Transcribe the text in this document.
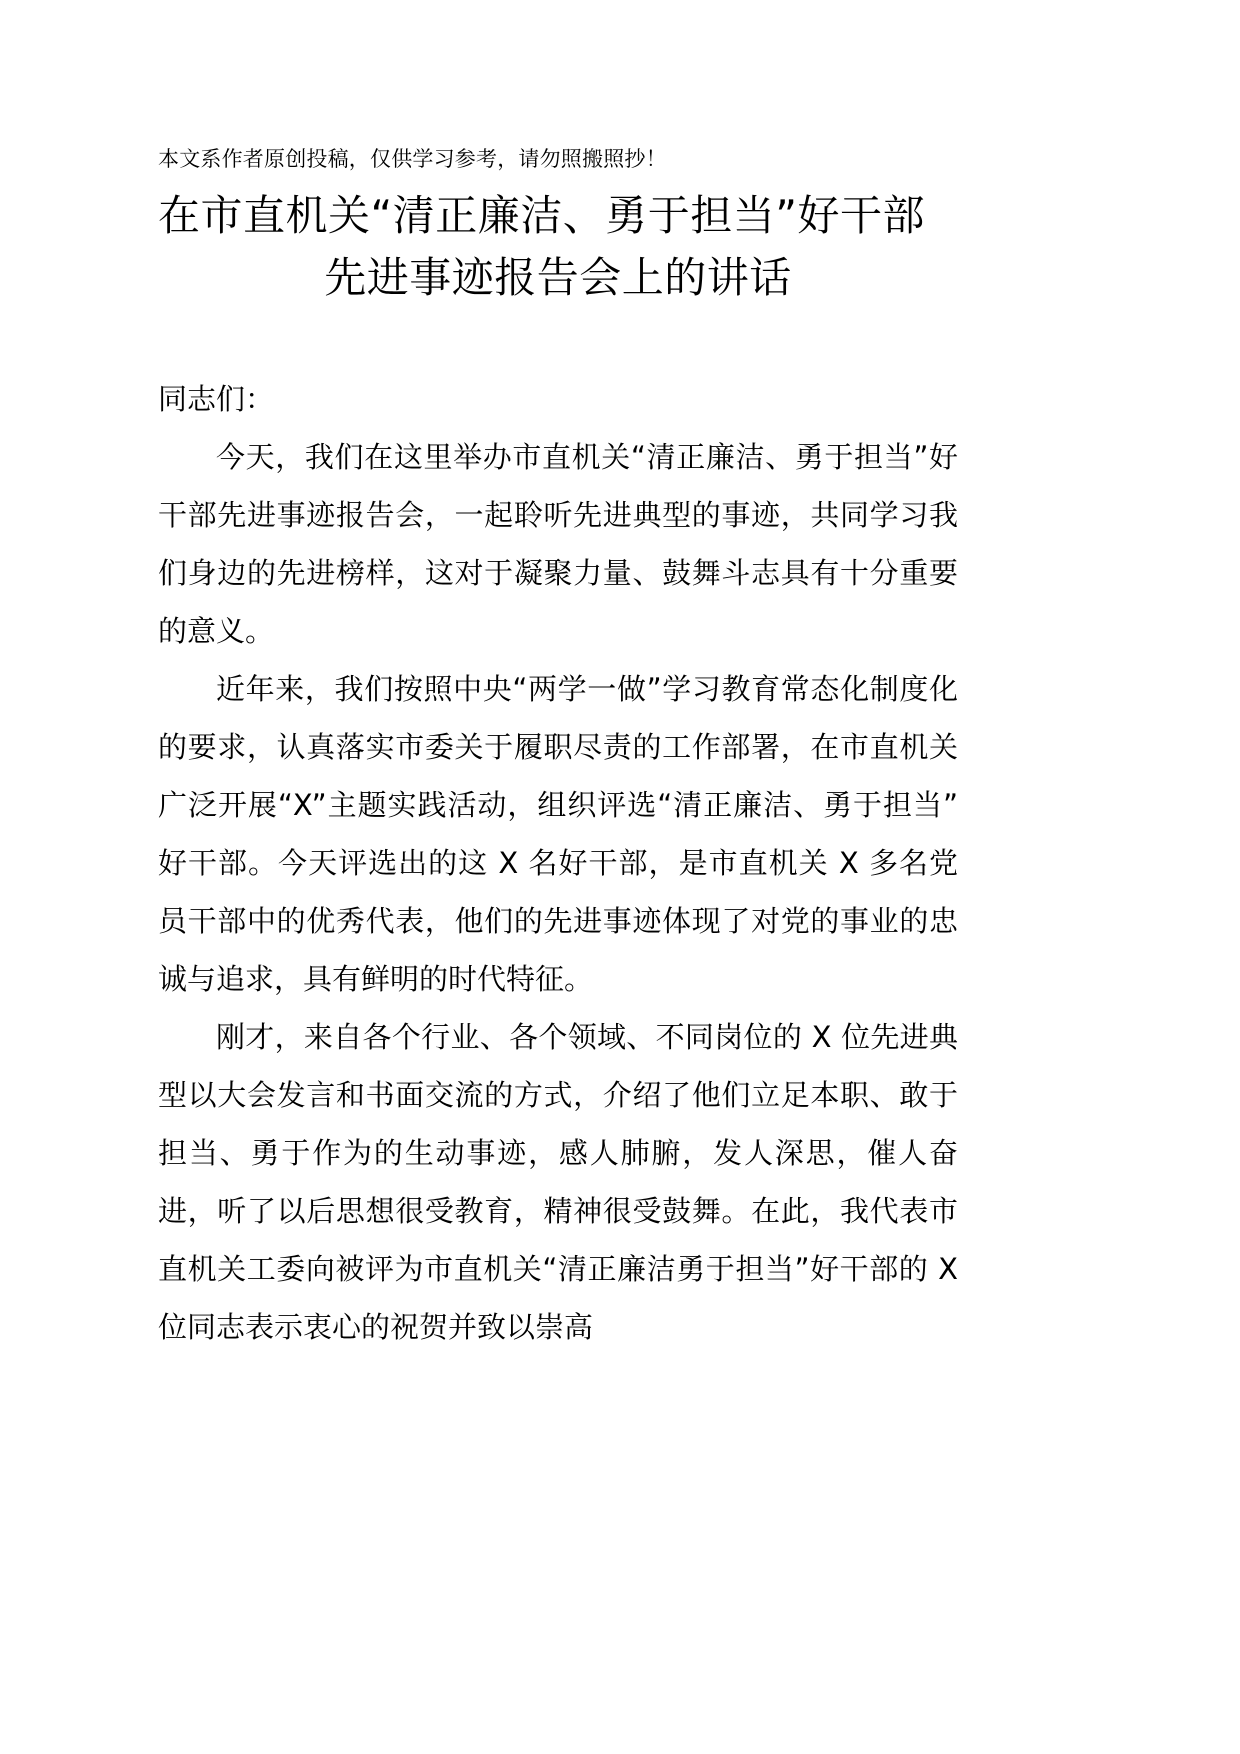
本文系作者原创投稿，仅供学习参考，请勿照搬照抄！
在市直机关“清正廉洁、勇于担当”好干部
先进事迹报告会上的讲话

同志们：

今天，我们在这里举办市直机关“清正廉洁、勇于担当”好干部先进事迹报告会，一起聆听先进典型的事迹，共同学习我们身边的先进榜样，这对于凝聚力量、鼓舞斗志具有十分重要的意义。

近年来，我们按照中央“两学一做”学习教育常态化制度化的要求，认真落实市委关于履职尽责的工作部署，在市直机关广泛开展“X”主题实践活动，组织评选“清正廉洁、勇于担当”好干部。今天评选出的这 X 名好干部，是市直机关 X 多名党员干部中的优秀代表，他们的先进事迹体现了对党的事业的忠诚与追求，具有鲜明的时代特征。

刚才，来自各个行业、各个领域、不同岗位的 X 位先进典型以大会发言和书面交流的方式，介绍了他们立足本职、敢于担当、勇于作为的生动事迹，感人肺腑，发人深思，催人奋进，听了以后思想很受教育，精神很受鼓舞。在此，我代表市直机关工委向被评为市直机关“清正廉洁勇于担当”好干部的 X 位同志表示衷心的祝贺并致以崇高
